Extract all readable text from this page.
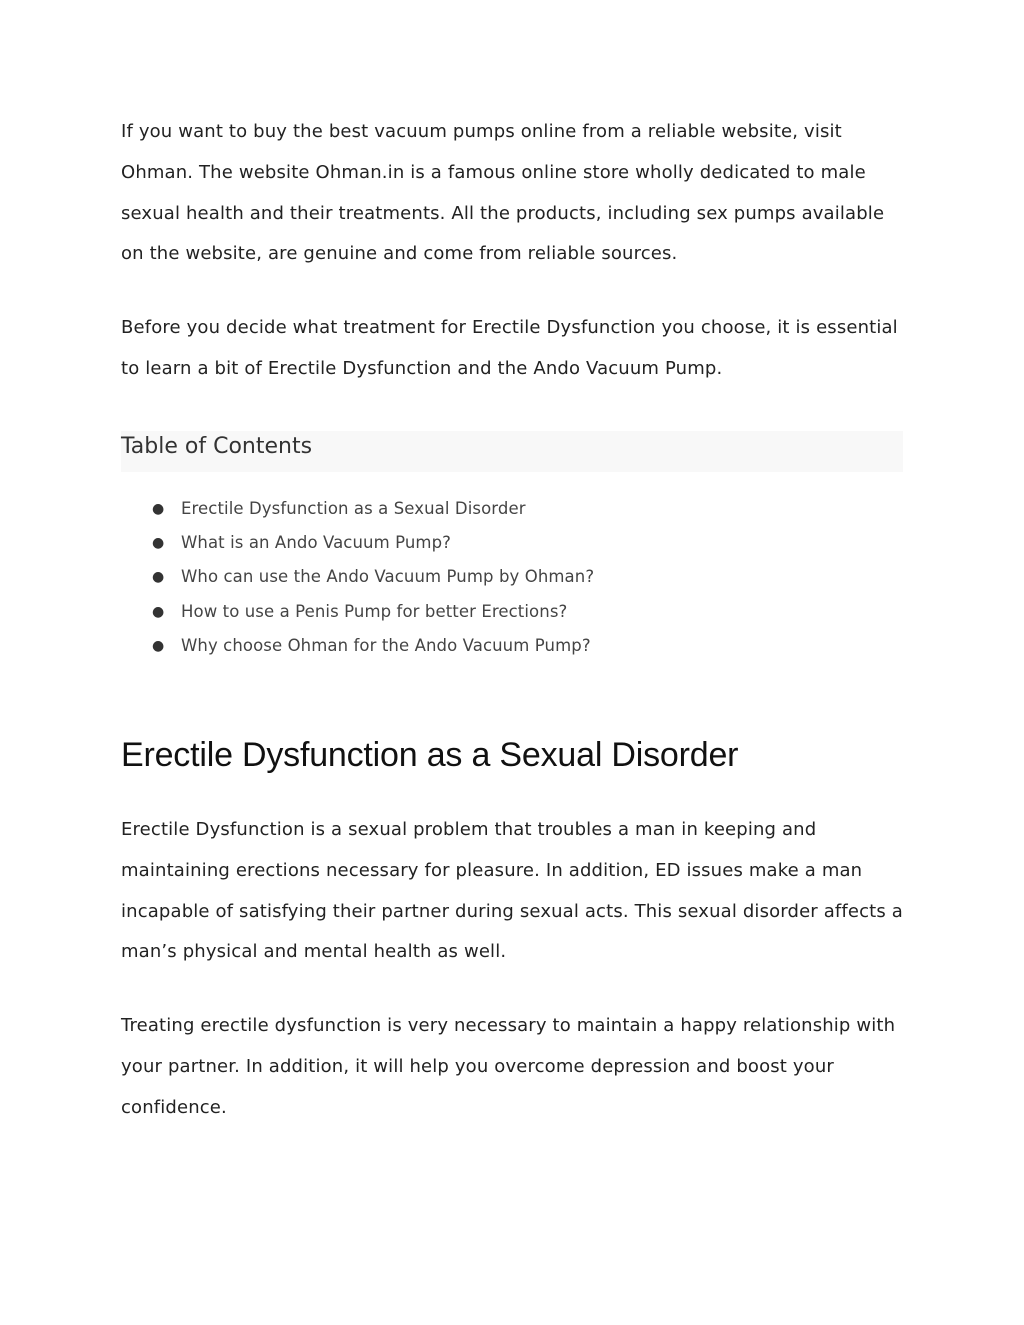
If you want to buy the best vacuum pumps online from a reliable website, visit Ohman. The website Ohman.in is a famous online store wholly dedicated to male sexual health and their treatments. All the products, including sex pumps available on the website, are genuine and come from reliable sources.

Before you decide what treatment for Erectile Dysfunction you choose, it is essential to learn a bit of Erectile Dysfunction and the Ando Vacuum Pump.

Table of Contents
● Erectile Dysfunction as a Sexual Disorder
● What is an Ando Vacuum Pump?
● Who can use the Ando Vacuum Pump by Ohman?
● How to use a Penis Pump for better Erections?
● Why choose Ohman for the Ando Vacuum Pump?
Erectile Dysfunction as a Sexual Disorder

Erectile Dysfunction is a sexual problem that troubles a man in keeping and maintaining erections necessary for pleasure. In addition, ED issues make a man incapable of satisfying their partner during sexual acts. This sexual disorder affects a man’s physical and mental health as well.

Treating erectile dysfunction is very necessary to maintain a happy relationship with your partner. In addition, it will help you overcome depression and boost your confidence.
